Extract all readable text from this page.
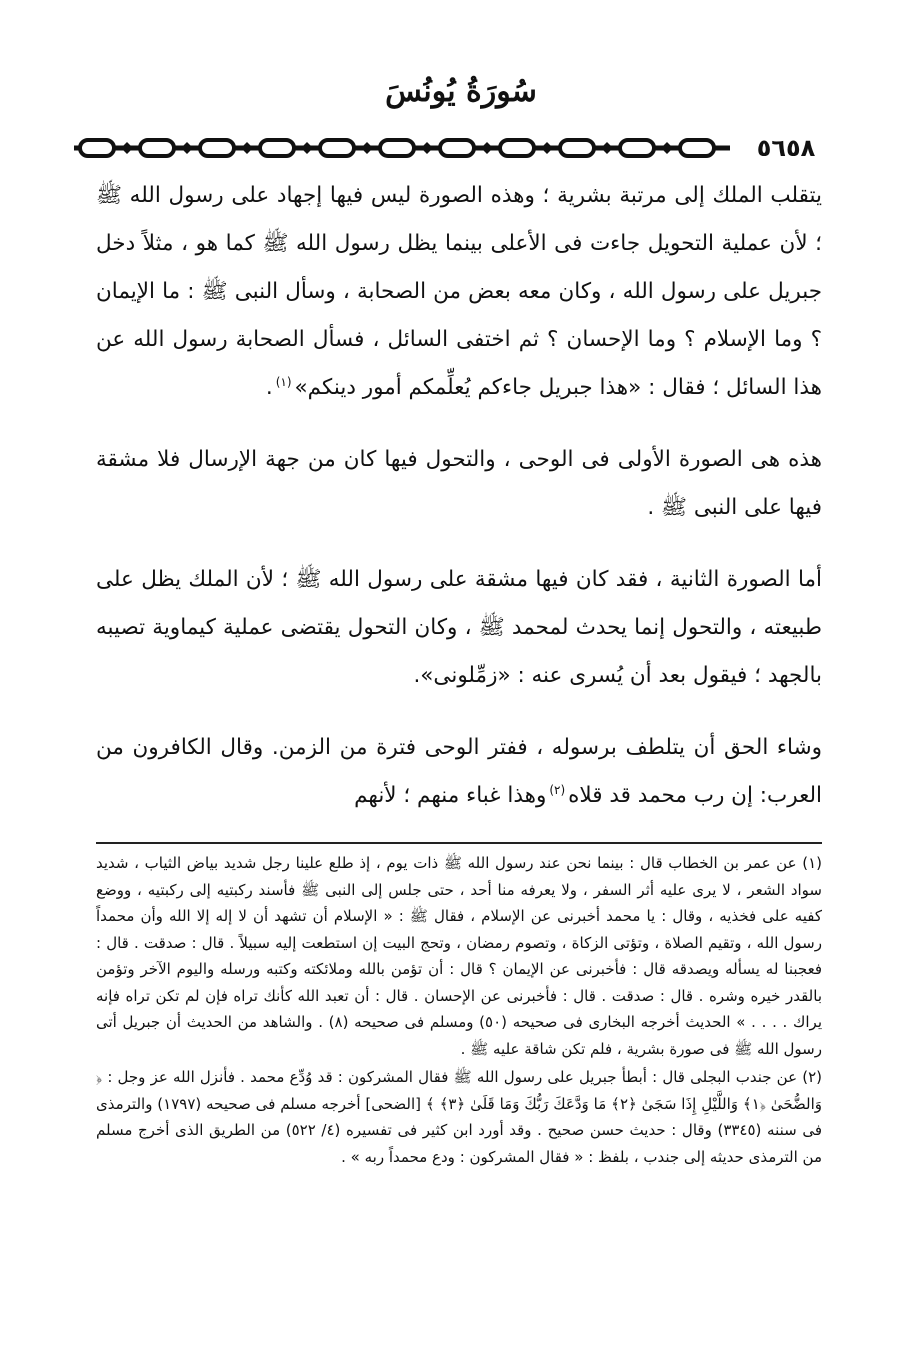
سُورَةُ يُونُسَ
٥٦٥٨

يتقلب الملك إلى مرتبة بشرية ؛ وهذه الصورة ليس فيها إجهاد على رسول الله ﷺ ؛ لأن عملية التحويل جاءت فى الأعلى بينما يظل رسول الله ﷺ كما هو ، مثلاً دخل جبريل على رسول الله ، وكان معه بعض من الصحابة ، وسأل النبى ﷺ : ما الإيمان ؟ وما الإسلام ؟ وما الإحسان ؟ ثم اختفى السائل ، فسأل الصحابة رسول الله عن هذا السائل ؛ فقال : «هذا جبريل جاءكم يُعلِّمكم أمور دينكم»$^{(١)}$.

هذه هى الصورة الأولى فى الوحى ، والتحول فيها كان من جهة الإرسال فلا مشقة فيها على النبى ﷺ .

أما الصورة الثانية ، فقد كان فيها مشقة على رسول الله ﷺ ؛ لأن الملك يظل على طبيعته ، والتحول إنما يحدث لمحمد ﷺ ، وكان التحول يقتضى عملية كيماوية تصيبه بالجهد ؛ فيقول بعد أن يُسرى عنه : «زمِّلونى».

وشاء الحق أن يتلطف برسوله ، ففتر الوحى فترة من الزمن. وقال الكافرون من العرب: إن رب محمد قد قلاه$^{(٢)}$وهذا غباء منهم ؛ لأنهم

(١) عن عمر بن الخطاب قال : بينما نحن عند رسول الله ﷺ ذات يوم ، إذ طلع علينا رجل شديد بياض الثياب ، شديد سواد الشعر ، لا يرى عليه أثر السفر ، ولا يعرفه منا أحد ، حتى جلس إلى النبى ﷺ فأسند ركبتيه إلى ركبتيه ، ووضع كفيه على فخذيه ، وقال : يا محمد أخبرنى عن الإسلام ، فقال ﷺ : « الإسلام أن تشهد أن لا إله إلا الله وأن محمداً رسول الله ، وتقيم الصلاة ، وتؤتى الزكاة ، وتصوم رمضان ، وتحج البيت إن استطعت إليه سبيلاً . قال : صدقت . قال : فعجبنا له يسأله ويصدقه قال : فأخبرنى عن الإيمان ؟ قال : أن تؤمن بالله وملائكته وكتبه ورسله واليوم الآخر وتؤمن بالقدر خيره وشره . قال : صدقت . قال : فأخبرنى عن الإحسان . قال : أن تعبد الله كأنك تراه فإن لم تكن تراه فإنه يراك . . . . » الحديث أخرجه البخارى فى صحيحه (٥٠) ومسلم فى صحيحه (٨) . والشاهد من الحديث أن جبريل أتى رسول الله ﷺ فى صورة بشرية ، فلم تكن شاقة عليه ﷺ .

(٢) عن جندب البجلى قال : أبطأ جبريل على رسول الله ﷺ فقال المشركون : قد وُدِّع محمد . فأنزل الله عز وجل : ﴿ وَالضُّحَىٰ ﴿١﴾ وَاللَّيْلِ إِذَا سَجَىٰ ﴿٢﴾ مَا وَدَّعَكَ رَبُّكَ وَمَا قَلَىٰ ﴿٣﴾ ﴾ [الضحى] أخرجه مسلم فى صحيحه (١٧٩٧) والترمذى فى سننه (٣٣٤٥) وقال : حديث حسن صحيح . وقد أورد ابن كثير فى تفسيره (٤/ ٥٢٢) من الطريق الذى أخرج مسلم من الترمذى حديثه إلى جندب ، بلفظ : « فقال المشركون : ودع محمداً ربه » .
